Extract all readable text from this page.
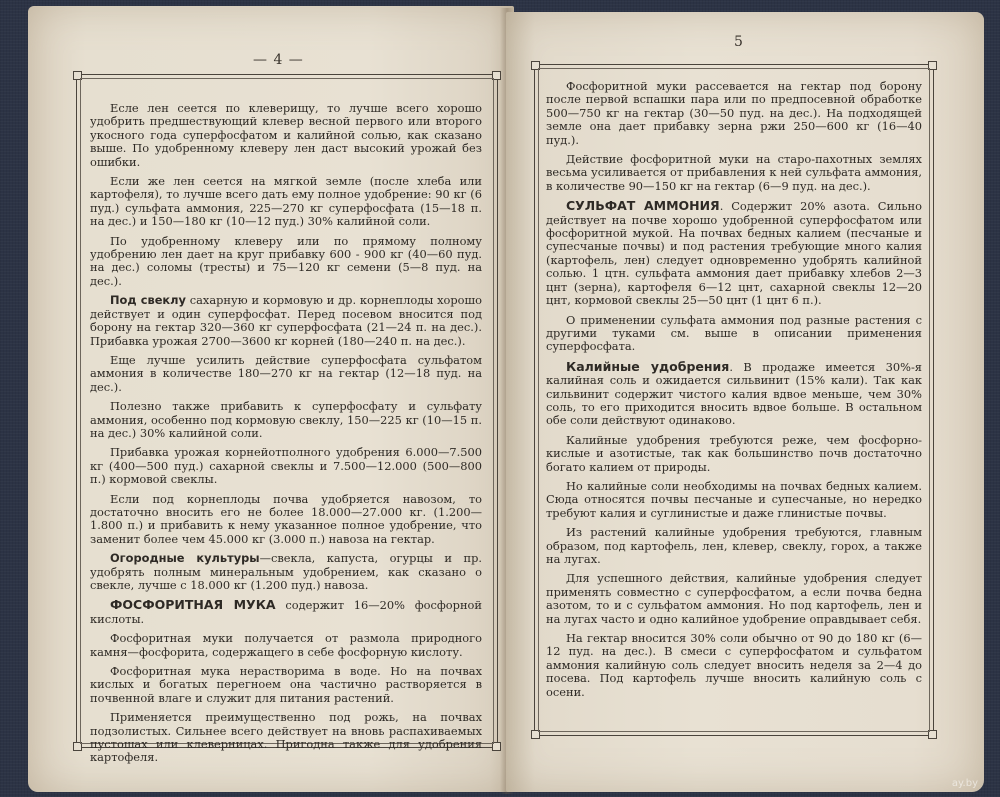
— 4 —

Есле лен сеется по клеверищу, то лучше всего хорошо удобрить предшествующий клевер весной первого или второго укосного года суперфосфатом и калийной солью, как сказано выше. По удобренному клеверу лен даст высокий урожай без ошибки.

Если же лен сеется на мягкой земле (после хлеба или картофеля), то лучше всего дать ему полное удобрение: 90 кг (6 пуд.) сульфата аммония, 225—270 кг суперфосфата (15—18 п. на дес.) и 150—180 кг (10—12 пуд.) 30% калийной соли.

По удобренному клеверу или по прямому полному удобрению лен дает на круг прибавку 600 - 900 кг (40—60 пуд. на дес.) соломы (тресты) и 75—120 кг семени (5—8 пуд. на дес.).

Под свеклу сахарную и кормовую и др. корнеплоды хорошо действует и один суперфосфат. Перед посевом вносится под борону на гектар 320—360 кг суперфосфата (21—24 п. на дес.). Прибавка урожая 2700—3600 кг корней (180—240 п. на дес.).

Еще лучше усилить действие суперфосфата сульфатом аммония в количестве 180—270 кг на гектар (12—18 пуд. на дес.).

Полезно также прибавить к суперфосфату и сульфату аммония, особенно под кормовую свеклу, 150—225 кг (10—15 п. на дес.) 30% калийной соли.

Прибавка урожая корнейотполного удобрения 6.000—7.500 кг (400—500 пуд.) сахарной свеклы и 7.500—12.000 (500—800 п.) кормовой свеклы.

Если под корнеплоды почва удобряется навозом, то достаточно вносить его не более 18.000—27.000 кг. (1.200—1.800 п.) и прибавить к нему указанное полное удобрение, что заменит более чем 45.000 кг (3.000 п.) навоза на гектар.

Огородные культуры—свекла, капуста, огурцы и пр. удобрять полным минеральным удобрением, как сказано о свекле, лучше с 18.000 кг (1.200 пуд.) навоза.

ФОСФОРИТНАЯ МУКА содержит 16—20% фосфорной кислоты.

Фосфоритная муки получается от размола природного камня—фосфорита, содержащего в себе фосфорную кислоту.

Фосфоритная мука нерастворима в воде. Но на почвах кислых и богатых перегноем она частично растворяется в почвенной влаге и служит для питания растений.

Применяется преимущественно под рожь, на почвах подзолистых. Сильнее всего действует на вновь распахиваемых пустошах или клеверницах. Пригодна также для удобрения картофеля.

5

Фосфоритной муки рассевается на гектар под борону после первой вспашки пара или по предпосевной обработке 500—750 кг на гектар (30—50 пуд. на дес.). На подходящей земле она дает прибавку зерна ржи 250—600 кг (16—40 пуд.).

Действие фосфоритной муки на старо-пахотных землях весьма усиливается от прибавления к ней сульфата аммония, в количестве 90—150 кг на гектар (6—9 пуд. на дес.).

СУЛЬФАТ АММОНИЯ. Содержит 20% азота. Сильно действует на почве хорошо удобренной суперфосфатом или фосфоритной мукой. На почвах бедных калием (песчаные и супесчаные почвы) и под растения требующие много калия (картофель, лен) следует одновременно удобрять калийной солью. 1 цтн. сульфата аммония дает прибавку хлебов 2—3 цнт (зерна), картофеля 6—12 цнт, сахарной свеклы 12—20 цнт, кормовой свеклы 25—50 цнт (1 цнт 6 п.).

О применении сульфата аммония под разные растения с другими туками см. выше в описании применения суперфосфата.

Калийные удобрения. В продаже имеется 30%-я калийная соль и ожидается сильвинит (15% кали). Так как сильвинит содержит чистого калия вдвое меньше, чем 30% соль, то его приходится вносить вдвое больше. В остальном обе соли действуют одинаково.

Калийные удобрения требуются реже, чем фосфорно-кислые и азотистые, так как большинство почв достаточно богато калием от природы.

Но калийные соли необходимы на почвах бедных калием. Сюда относятся почвы песчаные и супесчаные, но нередко требуют калия и суглинистые и даже глинистые почвы.

Из растений калийные удобрения требуются, главным образом, под картофель, лен, клевер, свеклу, горох, а также на лугах.

Для успешного действия, калийные удобрения следует применять совместно с суперфосфатом, а если почва бедна азотом, то и с сульфатом аммония. Но под картофель, лен и на лугах часто и одно калийное удобрение оправдывает себя.

На гектар вносится 30% соли обычно от 90 до 180 кг (6—12 пуд. на дес.). В смеси с суперфосфатом и сульфатом аммония калийную соль следует вносить неделя за 2—4 до посева. Под картофель лучше вносить калийную соль с осени.

ay.by
